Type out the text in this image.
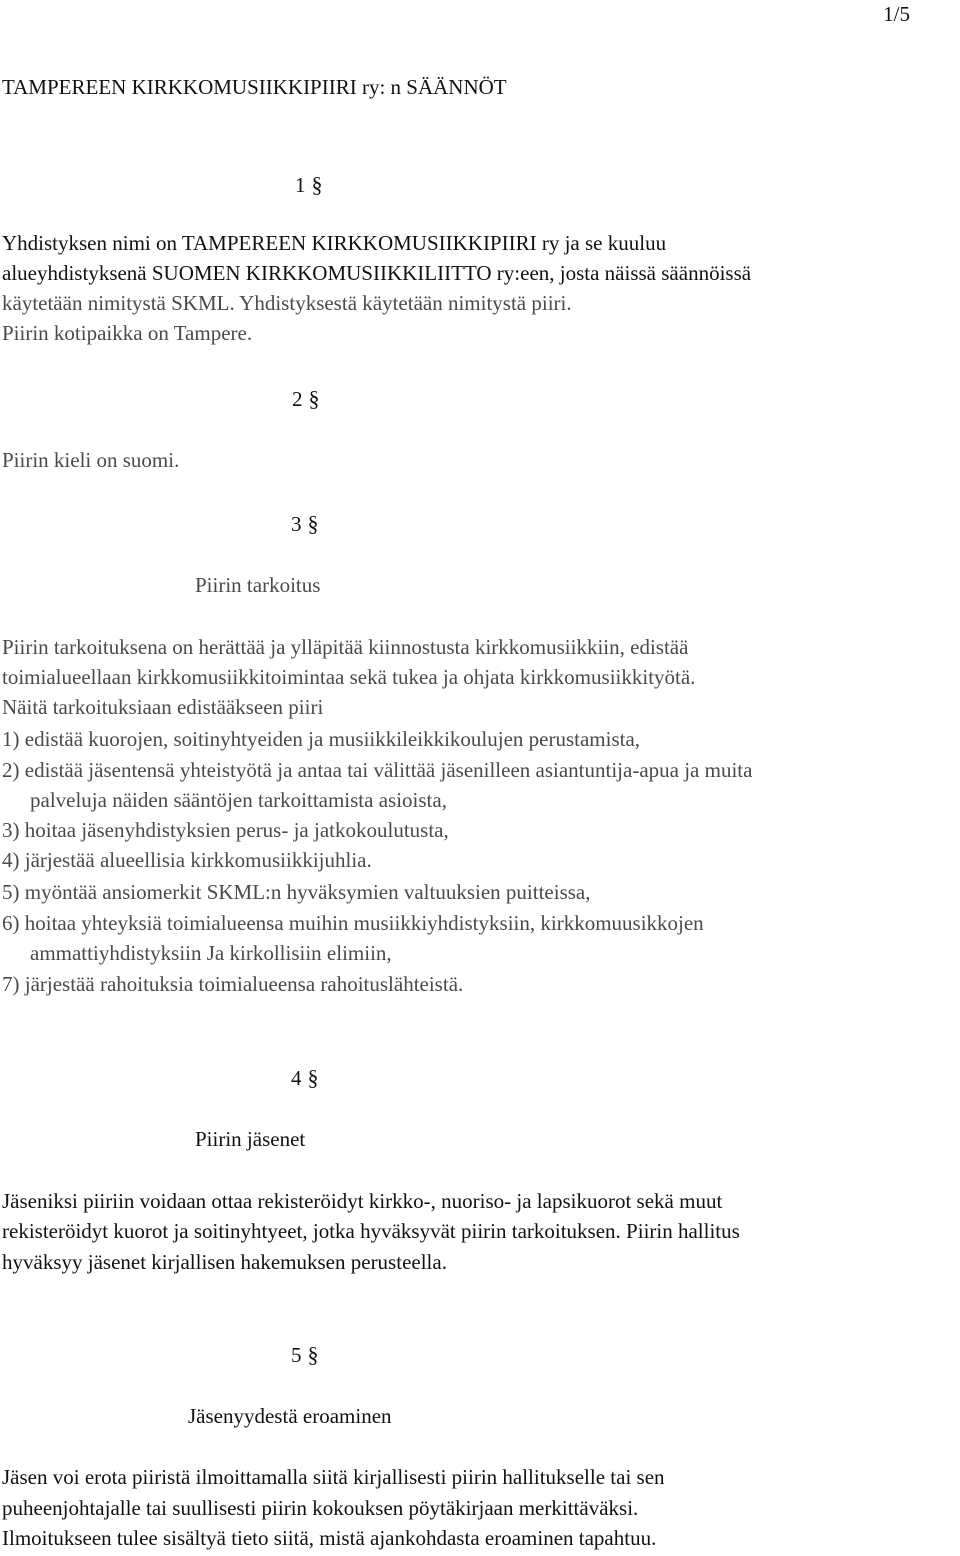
1/5
TAMPEREEN KIRKKOMUSIIKKIPIIRI ry: n SÄÄNNÖT
1 §
Yhdistyksen nimi on TAMPEREEN KIRKKOMUSIIKKIPIIRI ry ja se kuuluu
alueyhdistyksenä SUOMEN KIRKKOMUSIIKKILIITTO ry:een, josta näissä säännöissä
käytetään nimitystä SKML. Yhdistyksestä käytetään nimitystä piiri.
Piirin kotipaikka on Tampere.
2 §
Piirin kieli on suomi.
3 §
Piirin tarkoitus
Piirin tarkoituksena on herättää ja ylläpitää kiinnostusta kirkkomusiikkiin, edistää
toimialueellaan kirkkomusiikkitoimintaa sekä tukea ja ohjata kirkkomusiikkityötä.
Näitä tarkoituksiaan edistääkseen piiri
1) edistää kuorojen, soitinyhtyeiden ja musiikkileikkikoulujen perustamista,
2) edistää jäsentensä yhteistyötä ja antaa tai välittää jäsenilleen asiantuntija-apua ja muita
palveluja näiden sääntöjen tarkoittamista asioista,
3) hoitaa jäsenyhdistyksien perus- ja jatkokoulutusta,
4) järjestää alueellisia kirkkomusiikkijuhlia.
5) myöntää ansiomerkit SKML:n hyväksymien valtuuksien puitteissa,
6) hoitaa yhteyksiä toimialueensa muihin musiikkiyhdistyksiin, kirkkomuusikkojen
ammattiyhdistyksiin Ja kirkollisiin elimiin,
7) järjestää rahoituksia toimialueensa rahoituslähteistä.
4 §
Piirin jäsenet
Jäseniksi piiriin voidaan ottaa rekisteröidyt kirkko-, nuoriso- ja lapsikuorot sekä muut
rekisteröidyt kuorot ja soitinyhtyeet, jotka hyväksyvät piirin tarkoituksen. Piirin hallitus
hyväksyy jäsenet kirjallisen hakemuksen perusteella.
5 §
Jäsenyydestä eroaminen
Jäsen voi erota piiristä ilmoittamalla siitä kirjallisesti piirin hallitukselle tai sen
puheenjohtajalle tai suullisesti piirin kokouksen pöytäkirjaan merkittäväksi.
Ilmoitukseen tulee sisältyä tieto siitä, mistä ajankohdasta eroaminen tapahtuu.
